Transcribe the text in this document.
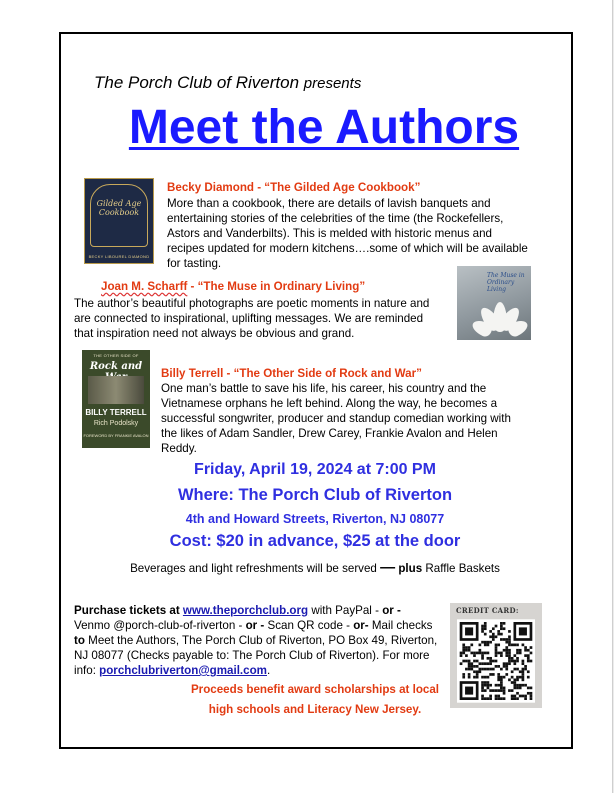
The Porch Club of Riverton presents
Meet the Authors
Gilded Age Cookbook
BECKY LIBOUREL DIAMOND
Becky Diamond - “The Gilded Age Cookbook”
More than a cookbook, there are details of lavish banquets and
entertaining stories of the celebrities of the time (the Rockefellers,
Astors and Vanderbilts). This is melded with historic menus and
recipes updated for modern kitchens….some of which will be available
for tasting.
Joan M. Scharff - “The Muse in Ordinary Living”
The author’s beautiful photographs are poetic moments in nature and
are connected to inspirational, uplifting messages. We are reminded
that inspiration need not always be obvious and grand.
The Muse in Ordinary Living
THE OTHER SIDE OF
Rock and
BILLY TERRELL
Rich Podolsky
FOREWORD BY FRANKIE AVALON
Billy Terrell - “The Other Side of Rock and War”
One man’s battle to save his life, his career, his country and the
Vietnamese orphans he left behind. Along the way, he becomes a
successful songwriter, producer and standup comedian working with
the likes of Adam Sandler, Drew Carey, Frankie Avalon and Helen
Reddy.
Friday, April 19, 2024 at 7:00 PM
Where: The Porch Club of Riverton
4th and Howard Streets, Riverton, NJ 08077
Cost: $20 in advance, $25 at the door
Beverages and light refreshments will be served — plus Raffle Baskets
Purchase tickets at www.theporchclub.org with PayPal - or - Venmo @porch-club-of-riverton - or - Scan QR code - or- Mail checks to Meet the Authors, The Porch Club of Riverton, PO Box 49, Riverton, NJ 08077 (Checks payable to: The Porch Club of Riverton). For more info: porchclubriverton@gmail.com.
CREDIT CARD:
Proceeds benefit award scholarships at local
high schools and Literacy New Jersey.
